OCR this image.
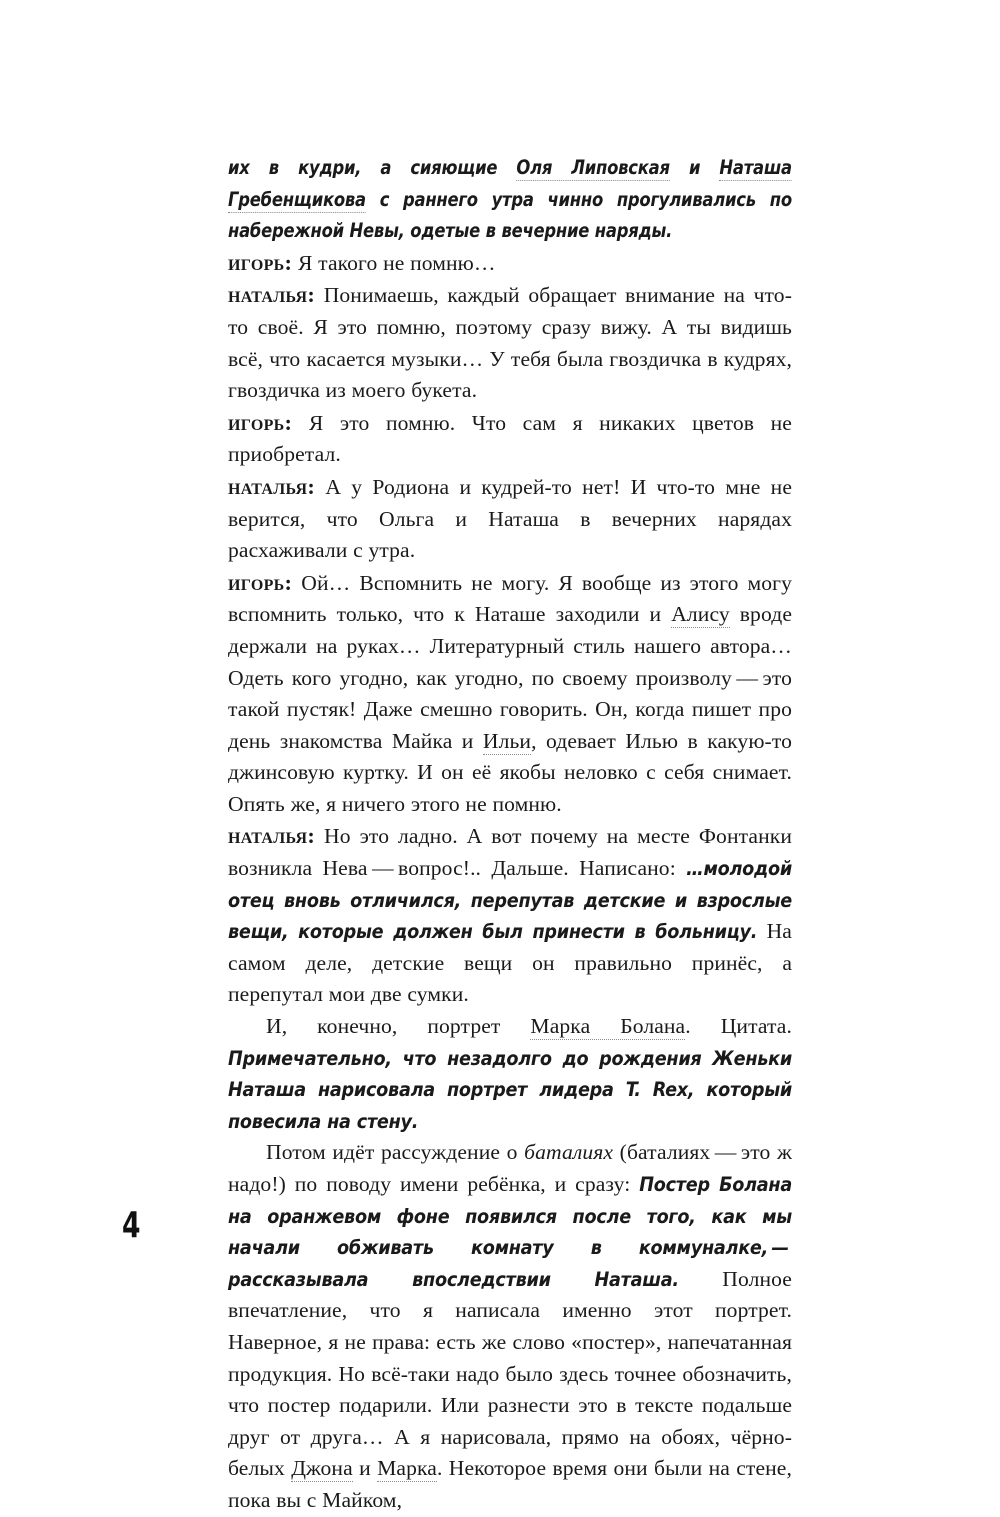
их в кудри, а сияющие Оля Липовская и Наташа Гребенщикова с раннего утра чинно прогуливались по набережной Невы, одетые в вечерние наряды.

игорь: Я такого не помню…

наталья: Понимаешь, каждый обращает внимание на что-то своё. Я это помню, поэтому сразу вижу. А ты видишь всё, что касается музыки… У тебя была гвоздичка в кудрях, гвоздичка из моего букета.

игорь: Я это помню. Что сам я никаких цветов не приобретал.

наталья: А у Родиона и кудрей-то нет! И что-то мне не верится, что Ольга и Наташа в вечерних нарядах расхаживали с утра.

игорь: Ой… Вспомнить не могу. Я вообще из этого могу вспомнить только, что к Наташе заходили и Алису вроде держали на руках… Литературный стиль нашего автора… Одеть кого угодно, как угодно, по своему произволу — это такой пустяк! Даже смешно говорить. Он, когда пишет про день знакомства Майка и Ильи, одевает Илью в какую-то джинсовую куртку. И он её якобы неловко с себя снимает. Опять же, я ничего этого не помню.

наталья: Но это ладно. А вот почему на месте Фонтанки возникла Нева — вопрос!.. Дальше. Написано: …молодой отец вновь отличился, перепутав детские и взрослые вещи, которые должен был принести в больницу. На самом деле, детские вещи он правильно принёс, а перепутал мои две сумки.

И, конечно, портрет Марка Болана. Цитата. Примечательно, что незадолго до рождения Женьки Наташа нарисовала портрет лидера T. Rex, который повесила на стену.

Потом идёт рассуждение о баталиях (баталиях — это ж надо!) по поводу имени ребёнка, и сразу: Постер Болана на оранжевом фоне появился после того, как мы начали обживать комнату в коммуналке, — рассказывала впоследствии Наташа. Полное впечатление, что я написала именно этот портрет. Наверное, я не права: есть же слово «постер», напечатанная продукция. Но всё-таки надо было здесь точнее обозначить, что постер подарили. Или разнести это в тексте подальше друг от друга… А я нарисовала, прямо на обоях, чёрно-белых Джона и Марка. Некоторое время они были на стене, пока вы с Майком,

4
